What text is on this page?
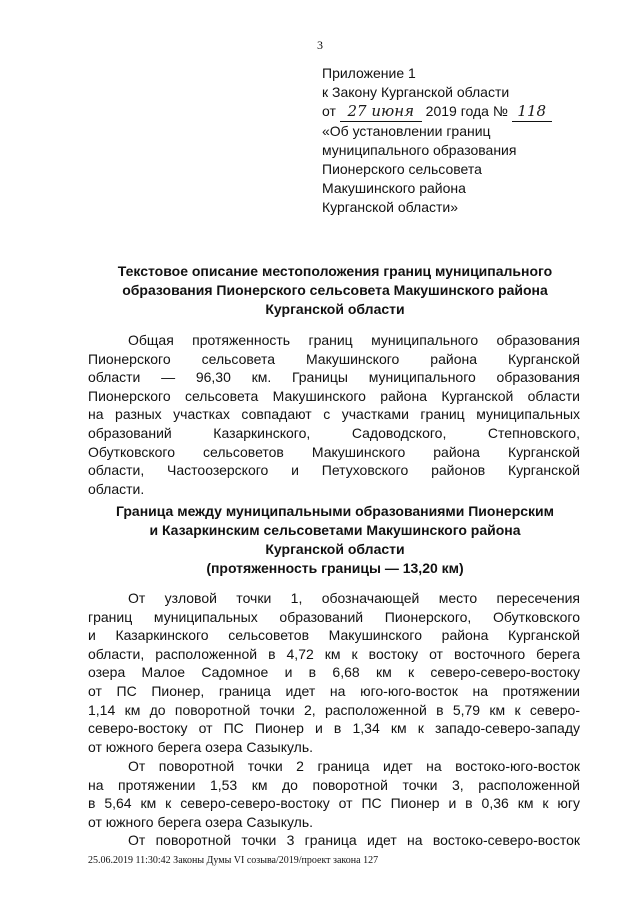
3
Приложение 1
к Закону Курганской области
от 27 июня 2019 года № 118
«Об установлении границ
муниципального образования
Пионерского сельсовета
Макушинского района
Курганской области»
Текстовое описание местоположения границ муниципального
образования Пионерского сельсовета Макушинского района
Курганской области
Общая протяженность границ муниципального образования
Пионерского сельсовета Макушинского района Курганской
области — 96,30 км. Границы муниципального образования
Пионерского сельсовета Макушинского района Курганской области
на разных участках совпадают с участками границ муниципальных
образований Казаркинского, Садоводского, Степновского,
Обутковского сельсоветов Макушинского района Курганской
области, Частоозерского и Петуховского районов Курганской
области.
Граница между муниципальными образованиями Пионерским
и Казаркинским сельсоветами Макушинского района
Курганской области
(протяженность границы — 13,20 км)
От узловой точки 1, обозначающей место пересечения
границ муниципальных образований Пионерского, Обутковского
и Казаркинского сельсоветов Макушинского района Курганской
области, расположенной в 4,72 км к востоку от восточного берега
озера Малое Садомное и в 6,68 км к северо-северо-востоку
от ПС Пионер, граница идет на юго-юго-восток на протяжении
1,14 км до поворотной точки 2, расположенной в 5,79 км к северо-
северо-востоку от ПС Пионер и в 1,34 км к западо-северо-западу
от южного берега озера Сазыкуль.
От поворотной точки 2 граница идет на востоко-юго-восток
на протяжении 1,53 км до поворотной точки 3, расположенной
в 5,64 км к северо-северо-востоку от ПС Пионер и в 0,36 км к югу
от южного берега озера Сазыкуль.
От поворотной точки 3 граница идет на востоко-северо-восток
25.06.2019 11:30:42 Законы Думы VI созыва/2019/проект закона 127
